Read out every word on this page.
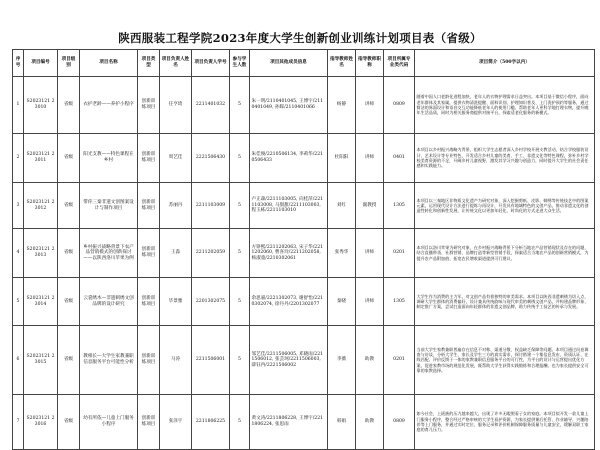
陕西服装工程学院2023年度大学生创新创业训练计划项目表（省级）
序号	项目编号	项目级别	项目名称	项目类型	项目负责人姓名	项目负责人学号	参与学生人数	项目其他成员信息	指导教师姓名	指导教师职称	项目所属专业类代码	项目简介（500字以内）
1	S2023121 23010	省级	衣护老龄——养护小程序	创新训练项目	任亨琦	2211401032	5	朱一明/2110401045, 王博宇/2110401049, 孙晖/2110401066	杨静	讲师	0809	随着中国人口老龄化进程加快，老年人的衣物护理需求日益突出。本项目基于微信小程序，面向老年群体及其家属，提供衣物清洗提醒、面料识别、护理知识普及、上门洗护预约等服务，通过简洁的界面设计和语音交互功能降低老年人的使用门槛，帮助老年人更科学地打理衣物，提升晚年生活品质，同时为相关服务商提供对接平台，探索适老化服务的新模式。
2	S2023121 23011	省级	阳光支教——特色课程在乡村	创新训练项目	周艺佳	2221506430	5	朱佳俊/2210506134, 李莉华/2210506433	杜阳阳	讲师	0401	本项目以乡村振兴战略为背景，组织大学生志愿者深入乡村学校开展支教活动，结合学校服装设计、艺术设计等专业特色，开发适合乡村儿童的美育、手工、非遗文化等特色课程，弥补乡村学校美育资源的不足，开阔乡村儿童视野，激发其学习兴趣与创造力，同时提升大学生的社会责任感和实践能力。
3	S2023121 23012	省级	带你三秦非遗文创图案设计与制作项目	创新训练项目	苏丽丹	2211103009	5	卢正森/2211103005, 向桂萍/2211103008, 马甜甜/2211103003, 程玉栋/2211103010	刘红	副教授	1305	本项目以三秦地区非物质文化遗产为研究对象，深入挖掘剪纸、皮影、刺绣等传统技艺中的图案元素，运用现代设计方法进行提炼与再设计，开发具有地域特色的文创产品，推动非遗文化的创造性转化和创新性发展，让传统文化以更加年轻化、时尚化的方式走进大众生活。
4	S2023121 23013	省级	乡村振兴战略背景下农产品营销模式的创新探讨——以陕西洛川苹果为例	创新训练项目	王淼	2211202059	5	方铮熙/2211202063, 宋子华/2211202060, 曹喜玲/2211202058, 杨淑童/2210302061	张秀华	讲师	0201	本项目以洛川苹果为研究对象，在乡村振兴战略背景下分析当地农产品营销现状及存在的问题，结合直播带货、社群营销、品牌打造等新型营销手段，探索适合当地农产品的创新营销模式，为提升农产品附加值、拓宽农民增收渠道提供可行建议。
5	S2023121 23014	省级	云裳绣木—非遗刺绣文创品牌的设计研究	创新训练项目	毕景雅	2201302075	5	余思嘉/2221302073, 谢舒怡/2210302074, 徐丹丹/2201302077	秦晓	讲师	1305	大学生作为消费的主力军，对文创产品有着独特的审美需求。本项目以陕西非遗刺绣为切入点，调研大学生群体的消费偏好，设计兼具传统韵味与现代审美的刺绣文创产品，并构建品牌形象、制定推广方案，尝试打造面向年轻群体的非遗文创品牌，助力传统手工技艺的传承与发展。
6	S2023121 23015	省级	教相长—大学生家教兼职信息服务平台可能性分析	创新训练项目	马涛	2211506001	5	邹艺佳/2211506005, 邓晓雨/2211506012, 张芸珂/2211506003, 薛钰冉/2221506002	李薇	助教	0201	当前大学生家教兼职普遍存在信息不对称、渠道分散、权益缺乏保障等问题。本项目通过问卷调查与访谈，分析大学生、家长及学生三方的真实需求，探讨搭建一个集信息发布、资质认证、在线匹配、评价反馈于一体的家教兼职信息服务平台的可行性，为平台的设计与运营提出优化方案，促进家教市场的规范化发展，既帮助大学生获得实践锻炼和合理报酬，也为家长提供安全可靠的家教选择。
7	S2023121 23016	省级	幼有所依—儿童上门服务小程序	创新训练项目	张泽宇	2211806225	5	黄文涛/2211806228, 王博宇/2211806224, 张思雨	韩娟	助教	0809	如今社会，上班族的压力越来越大，出现了许多无暇照看子女的家庭。本项目拟开发一款儿童上门服务小程序，整合经过严格审核的大学生看护资源，为家长提供课后托管、作业辅导、兴趣陪伴等上门服务，并通过实时定位、服务记录和评价机制保障服务质量与儿童安全，缓解双职工家庭的育儿压力。
